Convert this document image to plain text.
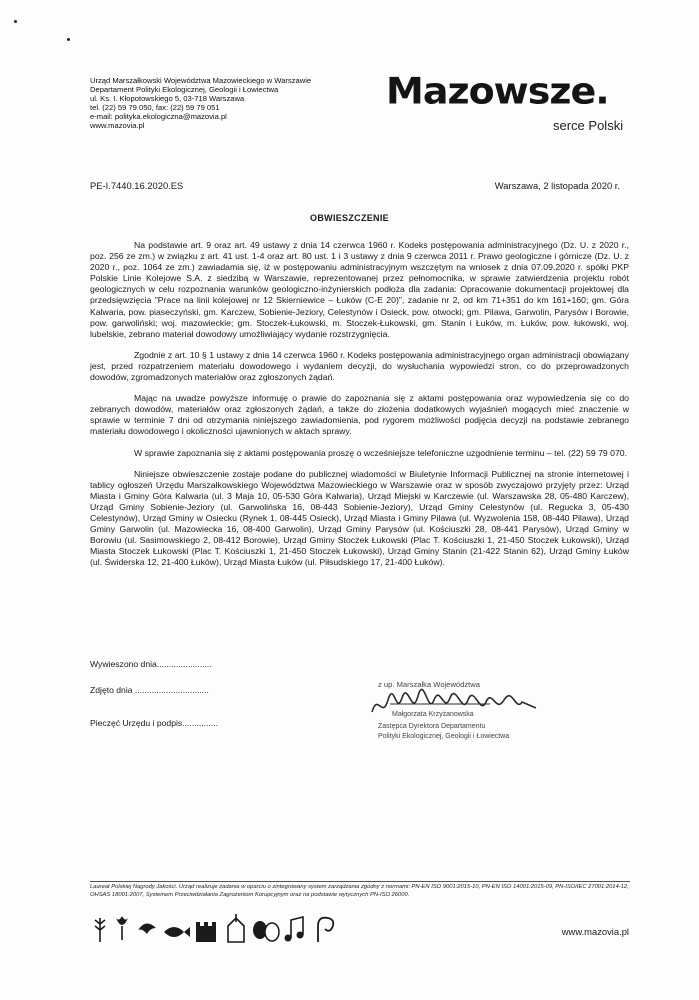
Urząd Marszałkowski Województwa Mazowieckiego w Warszawie
Departament Polityki Ekologicznej, Geologii i Łowiectwa
ul. Ks. I. Kłopotowskiego 5, 03-718 Warszawa
tel. (22) 59 79 050, fax: (22) 59 79 051
e-mail: polityka.ekologiczna@mazovia.pl
www.mazovia.pl
Mazowsze.
serce Polski
PE-I.7440.16.2020.ES	Warszawa, 2 listopada 2020 r.
OBWIESZCZENIE

Na podstawie art. 9 oraz art. 49 ustawy z dnia 14 czerwca 1960 r. Kodeks postępowania administracyjnego (Dz. U. z 2020 r., poz. 256 ze zm.) w związku z art. 41 ust. 1-4 oraz art. 80 ust. 1 i 3 ustawy z dnia 9 czerwca 2011 r. Prawo geologiczne i górnicze (Dz. U. z 2020 r., poz. 1064 ze zm.) zawiadamia się, iż w postępowaniu administracyjnym wszczętym na wniosek z dnia 07.09.2020 r. spółki PKP Polskie Linie Kolejowe S.A. z siedzibą w Warszawie, reprezentowanej przez pełnomocnika, w sprawie zatwierdzenia projektu robót geologicznych w celu rozpoznania warunków geologiczno-inżynierskich podłoża dla zadania: Opracowanie dokumentacji projektowej dla przedsięwzięcia "Prace na linii kolejowej nr 12 Skierniewice – Łuków (C-E 20)", zadanie nr 2, od km 71+351 do km 161+160; gm. Góra Kalwaria, pow. piaseczyński, gm. Karczew, Sobienie-Jeziory, Celestynów i Osieck, pow. otwocki; gm. Pilawa, Garwolin, Parysów i Borowie, pow. garwoliński; woj. mazowieckie; gm. Stoczek-Łukowski, m. Stoczek-Łukowski, gm. Stanin i Łuków, m. Łuków, pow. łukowski, woj. lubelskie, zebrano materiał dowodowy umożliwiający wydanie rozstrzygnięcia.

Zgodnie z art. 10 § 1 ustawy z dnia 14 czerwca 1960 r. Kodeks postępowania administracyjnego organ administracji obowiązany jest, przed rozpatrzeniem materiału dowodowego i wydaniem decyzji, do wysłuchania wypowiedzi stron, co do przeprowadzonych dowodów, zgromadzonych materiałów oraz zgłoszonych żądań.

Mając na uwadze powyższe informuję o prawie do zapoznania się z aktami postępowania oraz wypowiedzenia się co do zebranych dowodów, materiałów oraz zgłoszonych żądań, a także do złożenia dodatkowych wyjaśnień mogących mieć znaczenie w sprawie w terminie 7 dni od otrzymania niniejszego zawiadomienia, pod rygorem możliwości podjęcia decyzji na podstawie zebranego materiału dowodowego i okoliczności ujawnionych w aktach sprawy.

W sprawie zapoznania się z aktami postępowania proszę o wcześniejsze telefoniczne uzgodnienie terminu – tel. (22) 59 79 070.

Niniejsze obwieszczenie zostaje podane do publicznej wiadomości w Biuletynie Informacji Publicznej na stronie internetowej i tablicy ogłoszeń Urzędu Marszałkowskiego Województwa Mazowieckiego w Warszawie oraz w sposób zwyczajowo przyjęty przez: Urząd Miasta i Gminy Góra Kalwaria (ul. 3 Maja 10, 05-530 Góra Kalwaria), Urząd Miejski w Karczewie (ul. Warszawska 28, 05-480 Karczew), Urząd Gminy Sobienie-Jeziory (ul. Garwolińska 16, 08-443 Sobienie-Jeziory), Urząd Gminy Celestynów (ul. Regucka 3, 05-430 Celestynów), Urząd Gminy w Osiecku (Rynek 1, 08-445 Osieck), Urząd Miasta i Gminy Pilawa (ul. Wyzwolenia 158, 08-440 Pilawa), Urząd Gminy Garwolin (ul. Mazowiecka 16, 08-400 Garwolin), Urząd Gminy Parysów (ul. Kościuszki 28, 08-441 Parysów), Urząd Gminy w Borowiu (ul. Sasimowskiego 2, 08-412 Borowie), Urząd Gminy Stoczek Łukowski (Plac T. Kościuszki 1, 21-450 Stoczek Łukowski), Urząd Miasta Stoczek Łukowski (Plac T. Kościuszki 1, 21-450 Stoczek Łukowski), Urząd Gminy Stanin (21-422 Stanin 62), Urząd Gminy Łuków (ul. Świderska 12, 21-400 Łuków), Urząd Miasta Łuków (ul. Piłsudskiego 17, 21-400 Łuków).

Wywieszono dnia.......................
Zdjęto dnia ...............................
Pieczęć Urzędu i podpis...............
z up. Marszałka Województwa
Małgorzata Krzyżanowska
Zastępca Dyrektora Departamentu
Polityki Ekologicznej, Geologii i Łowiectwa
Laureat Polskiej Nagrody Jakości. Urząd realizuje zadania w oparciu o zintegrowany system zarządzania zgodny z normami: PN-EN ISO 9001:2015-10, PN-EN ISO 14001:2015-09, PN-ISO/IEC 27001:2014-12, OHSAS 18001:2007, Systemem Przeciwdziałania Zagrożeniom Korupcyjnym oraz na podstawie wytycznych PN-ISO 26000.
www.mazovia.pl
